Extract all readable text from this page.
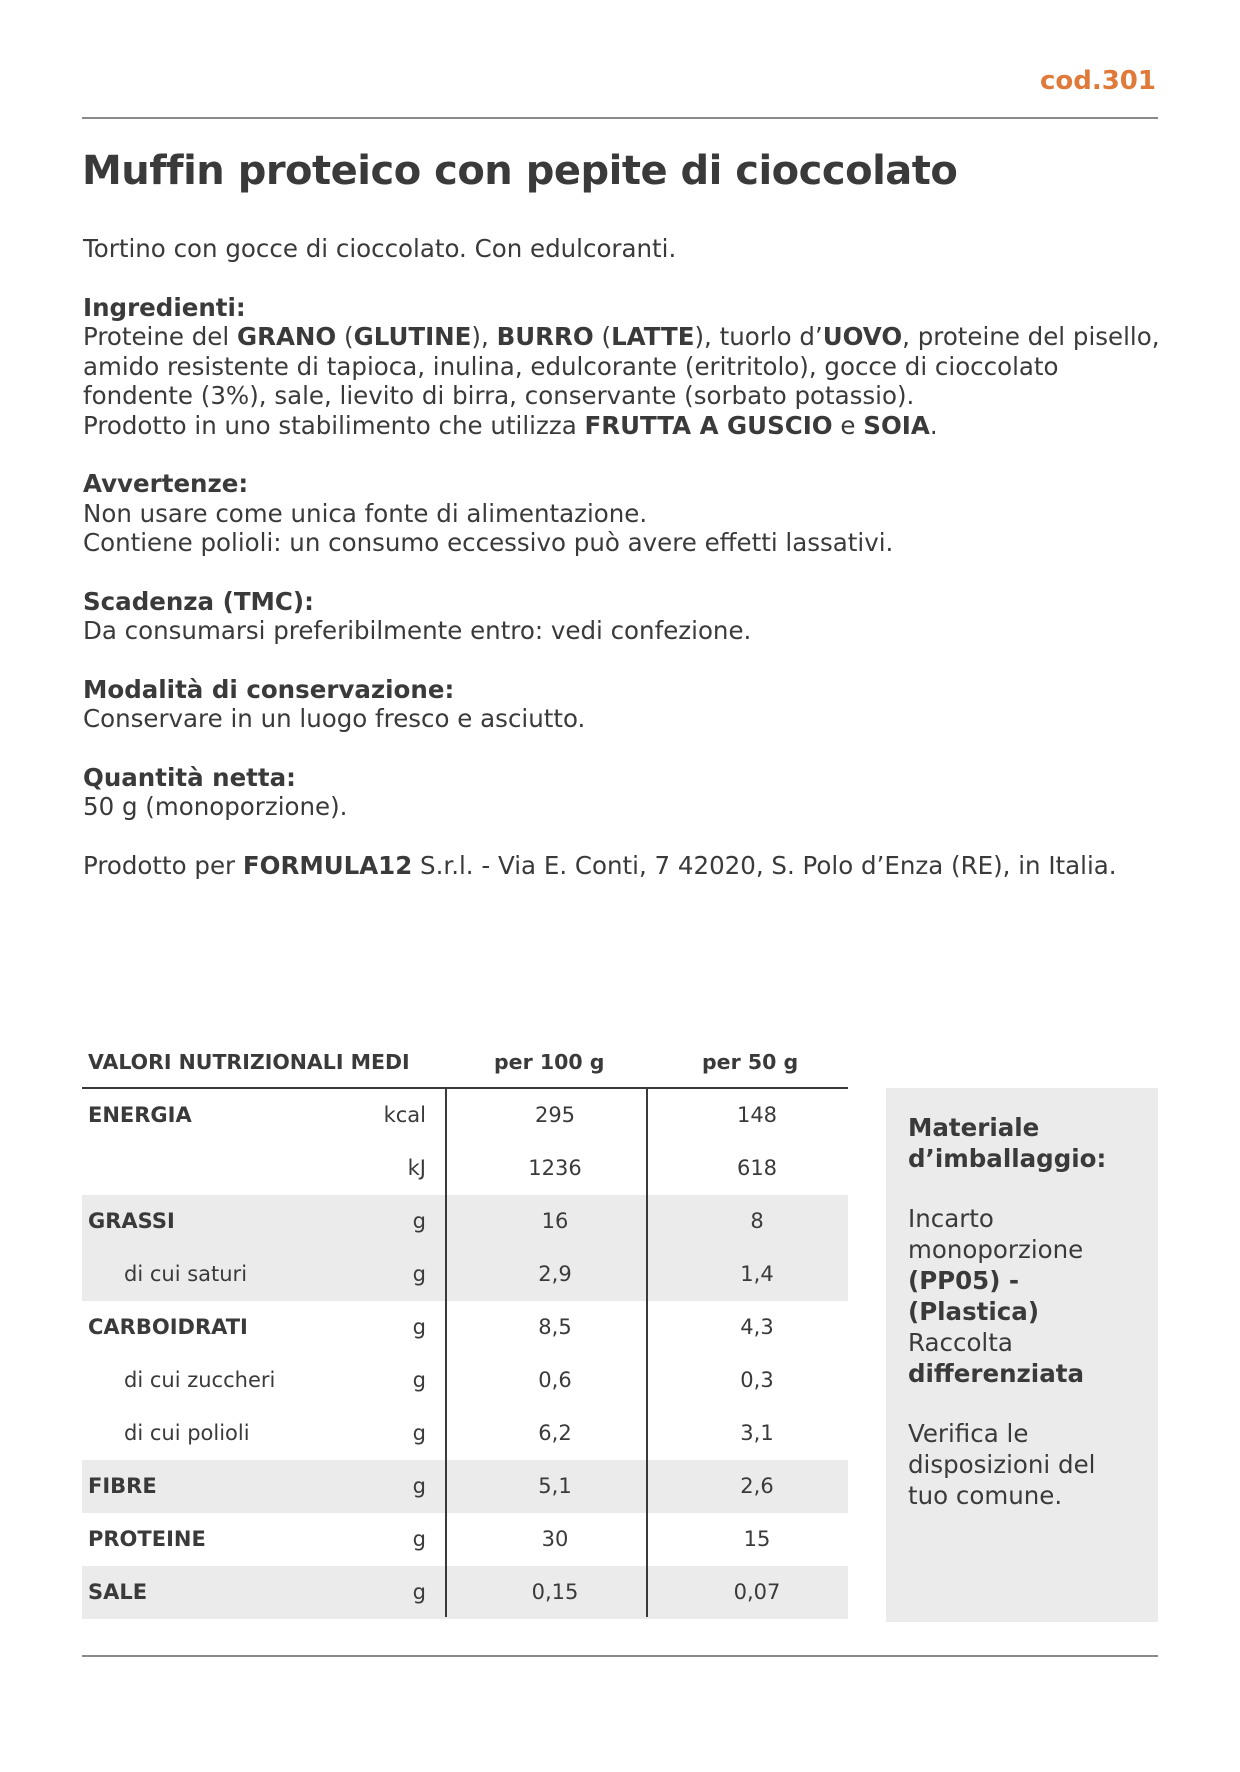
cod.301
Muffin proteico con pepite di cioccolato

Tortino con gocce di cioccolato. Con edulcoranti.

Ingredienti:

Proteine del GRANO (GLUTINE), BURRO (LATTE), tuorlo d’UOVO, proteine del pisello, amido resistente di tapioca, inulina, edulcorante (eritritolo), gocce di cioccolato fondente (3%), sale, lievito di birra, conservante (sorbato potassio).

Prodotto in uno stabilimento che utilizza FRUTTA A GUSCIO e SOIA.

Avvertenze:

Non usare come unica fonte di alimentazione.

Contiene polioli: un consumo eccessivo può avere effetti lassativi.

Scadenza (TMC):

Da consumarsi preferibilmente entro: vedi confezione.

Modalità di conservazione:

Conservare in un luogo fresco e asciutto.

Quantità netta:

50 g (monoporzione).

Prodotto per FORMULA12 S.r.l. - Via E. Conti, 7 42020, S. Polo d’Enza (RE), in Italia.

VALORI NUTRIZIONALI MEDI	per 100 g	per 50 g
ENERGIA	kcal	295	148
kJ	1236	618
GRASSI	g	16	8
di cui saturi	g	2,9	1,4
CARBOIDRATI	g	8,5	4,3
di cui zuccheri	g	0,6	0,3
di cui polioli	g	6,2	3,1
FIBRE	g	5,1	2,6
PROTEINE	g	30	15
SALE	g	0,15	0,07

Materiale d’imballaggio:

Incarto monoporzione

(PP05) - (Plastica)

Raccolta

differenziata

Verifica le disposizioni del tuo comune.
